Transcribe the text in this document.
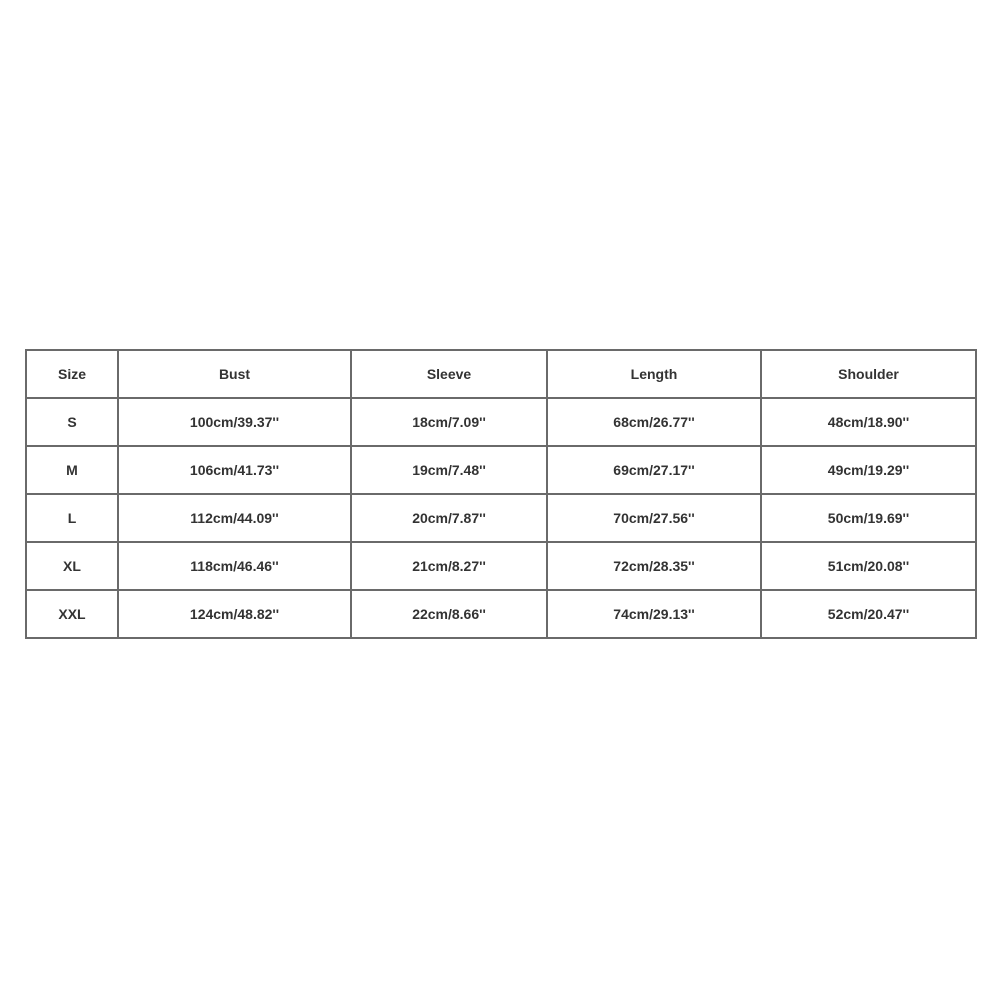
Size	Bust	Sleeve	Length	Shoulder
S	100cm/39.37''	18cm/7.09''	68cm/26.77''	48cm/18.90''
M	106cm/41.73''	19cm/7.48''	69cm/27.17''	49cm/19.29''
L	112cm/44.09''	20cm/7.87''	70cm/27.56''	50cm/19.69''
XL	118cm/46.46''	21cm/8.27''	72cm/28.35''	51cm/20.08''
XXL	124cm/48.82''	22cm/8.66''	74cm/29.13''	52cm/20.47''
